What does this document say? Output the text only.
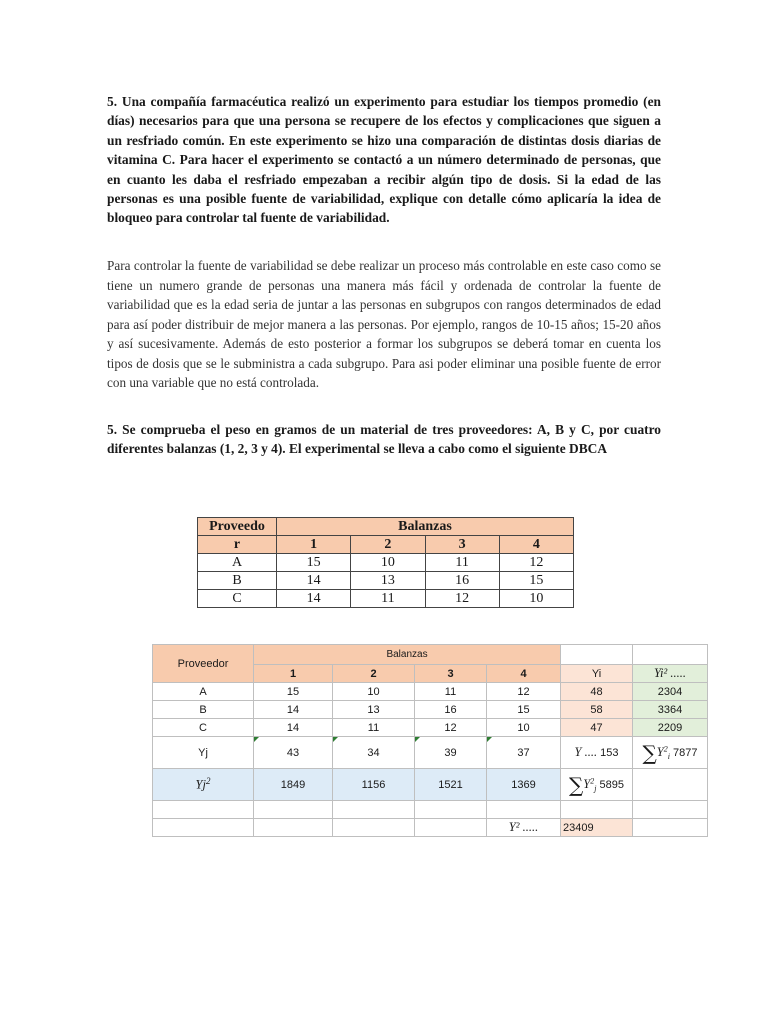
5. Una compañía farmacéutica realizó un experimento para estudiar los tiempos promedio (en días) necesarios para que una persona se recupere de los efectos y complicaciones que siguen a un resfriado común. En este experimento se hizo una comparación de distintas dosis diarias de vitamina C. Para hacer el experimento se contactó a un número determinado de personas, que en cuanto les daba el resfriado empezaban a recibir algún tipo de dosis. Si la edad de las personas es una posible fuente de variabilidad, explique con detalle cómo aplicaría la idea de bloqueo para controlar tal fuente de variabilidad.

Para controlar la fuente de variabilidad se debe realizar un proceso más controlable en este caso como se tiene un numero grande de personas una manera más fácil y ordenada de controlar la fuente de variabilidad que es la edad seria de juntar a las personas en subgrupos con rangos determinados de edad para así poder distribuir de mejor manera a las personas. Por ejemplo, rangos de 10-15 años; 15-20 años y así sucesivamente. Además de esto posterior a formar los subgrupos se deberá tomar en cuenta los tipos de dosis que se le subministra a cada subgrupo. Para asi poder eliminar una posible fuente de error con una variable que no está controlada.

5. Se comprueba el peso en gramos de un material de tres proveedores: A, B y C, por cuatro diferentes balanzas (1, 2, 3 y 4). El experimental se lleva a cabo como el siguiente DBCA

Proveedo	Balanzas			
r	1	2	3	4
A	15	10	11	12
B	14	13	16	15
C	14	11	12	10
Proveedor	Balanzas					
	1	2	3	4	Yi	Yi² .....
A	15	10	11	12	48	2304
B	14	13	16	15	58	3364
C	14	11	12	10	47	2209
Yj	43	34	39	37	Y .... 153	$\sum Y^2_i$ 7877
Yj$^2$	1849	1156	1521	1369	$\sum Y^2_j$ 5895	

				Y² .....	23409	
